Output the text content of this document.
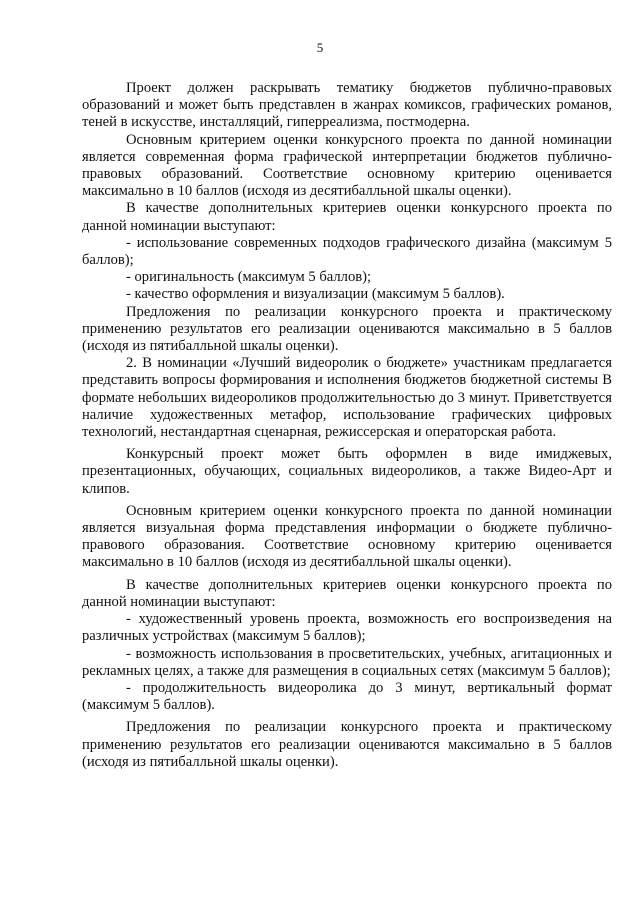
5

Проект должен раскрывать тематику бюджетов публично-правовых образований и может быть представлен в жанрах комиксов, графических романов, теней в искусстве, инсталляций, гиперреализма, постмодерна.

Основным критерием оценки конкурсного проекта по данной номинации является современная форма графической интерпретации бюджетов публично-правовых образований. Соответствие основному критерию оценивается максимально в 10 баллов (исходя из десятибалльной шкалы оценки).

В качестве дополнительных критериев оценки конкурсного проекта по данной номинации выступают:

- использование современных подходов графического дизайна (максимум 5 баллов);

- оригинальность (максимум 5 баллов);

- качество оформления и визуализации (максимум 5 баллов).

Предложения по реализации конкурсного проекта и практическому применению результатов его реализации оцениваются максимально в 5 баллов (исходя из пятибалльной шкалы оценки).

2. В номинации «Лучший видеоролик о бюджете» участникам предлагается представить вопросы формирования и исполнения бюджетов бюджетной системы В формате небольших видеороликов продолжительностью до 3 минут. Приветствуется наличие художественных метафор, использование графических цифровых технологий, нестандартная сценарная, режиссерская и операторская работа.

Конкурсный проект может быть оформлен в виде имиджевых, презентационных, обучающих, социальных видеороликов, а также Видео-Арт и клипов.

Основным критерием оценки конкурсного проекта по данной номинации является визуальная форма представления информации о бюджете публично-правового образования. Соответствие основному критерию оценивается максимально в 10 баллов (исходя из десятибалльной шкалы оценки).

В качестве дополнительных критериев оценки конкурсного проекта по данной номинации выступают:

- художественный уровень проекта, возможность его воспроизведения на различных устройствах (максимум 5 баллов);

- возможность использования в просветительских, учебных, агитационных и рекламных целях, а также для размещения в социальных сетях (максимум 5 баллов);

- продолжительность видеоролика до 3 минут, вертикальный формат (максимум 5 баллов).

Предложения по реализации конкурсного проекта и практическому применению результатов его реализации оцениваются максимально в 5 баллов (исходя из пятибалльной шкалы оценки).
